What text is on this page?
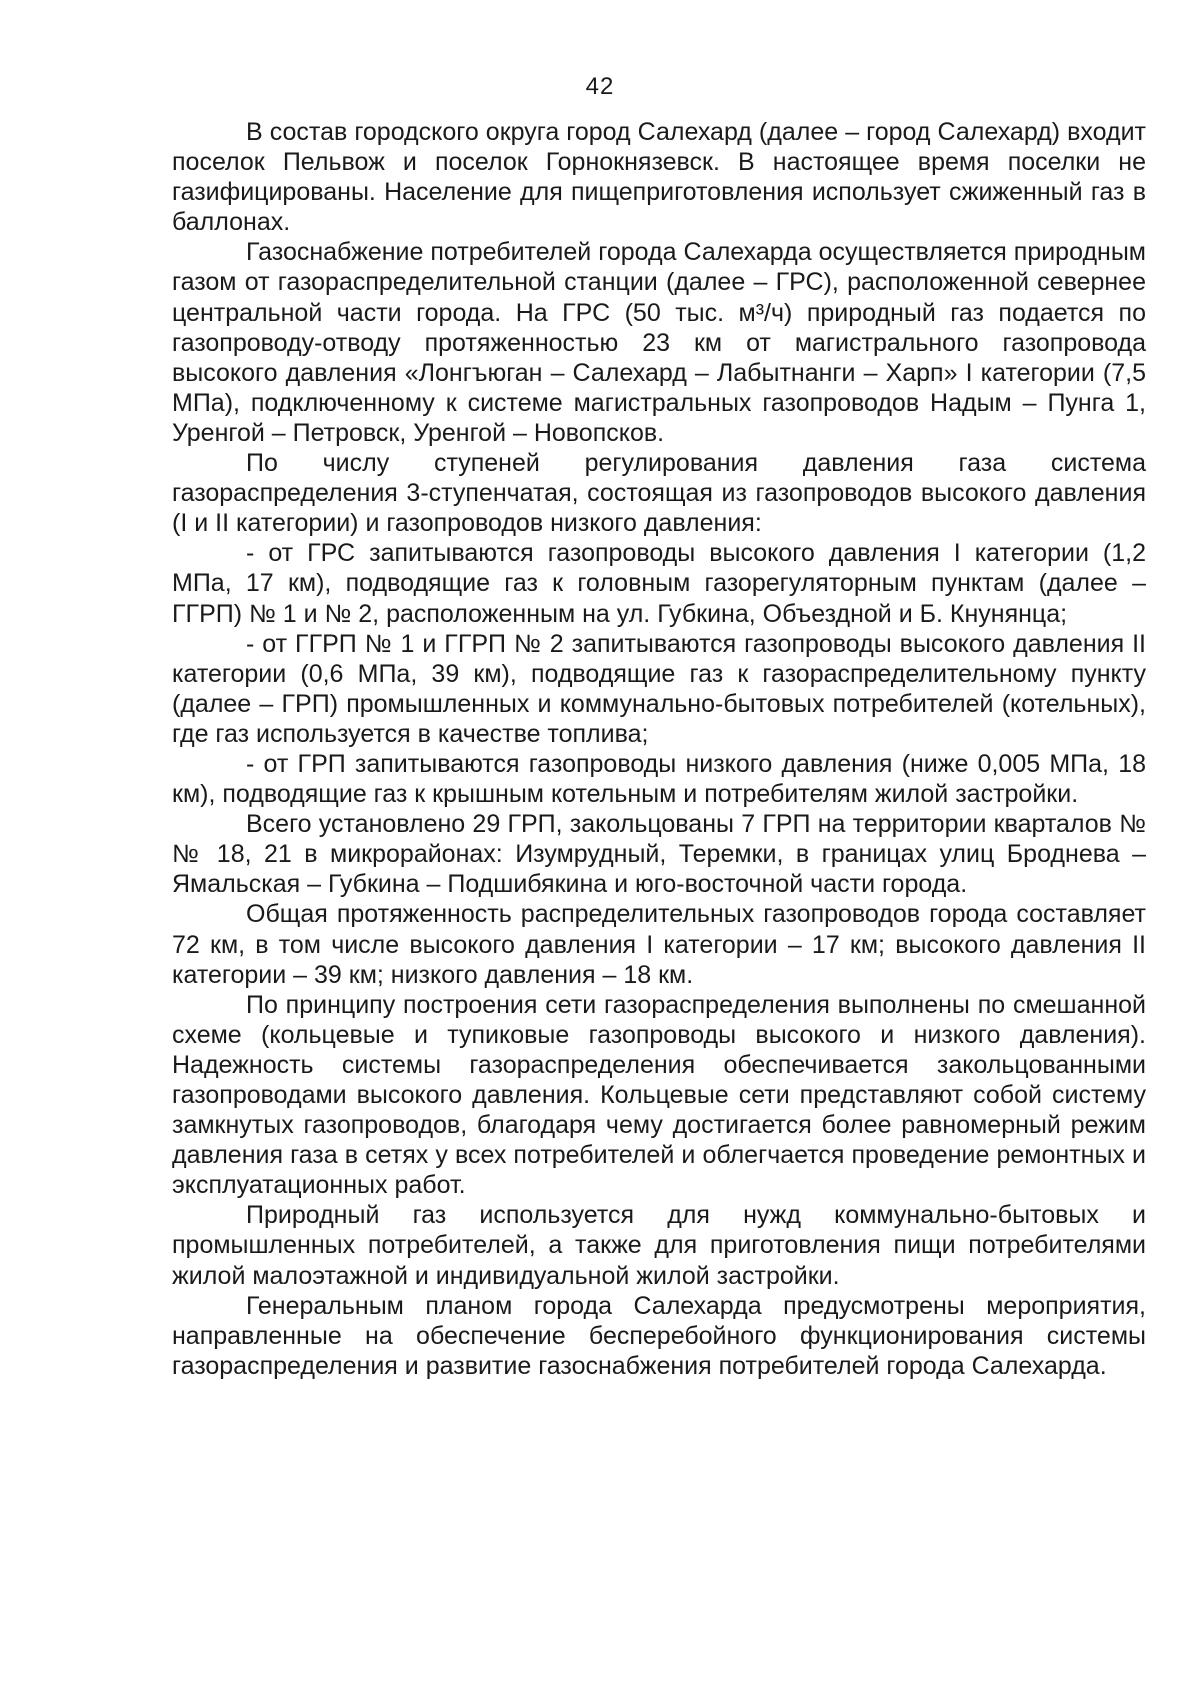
42

В состав городского округа город Салехард (далее – город Салехард) входит поселок Пельвож и поселок Горнокнязевск. В настоящее время поселки не газифицированы. Население для пищеприготовления использует сжиженный газ в баллонах.

Газоснабжение потребителей города Салехарда осуществляется природным газом от газораспределительной станции (далее – ГРС), расположенной севернее центральной части города. На ГРС (50 тыс. м³/ч) природный газ подается по газопроводу-отводу протяженностью 23 км от магистрального газопровода высокого давления «Лонгъюган – Салехард – Лабытнанги – Харп» I категории (7,5 МПа), подключенному к системе магистральных газопроводов Надым – Пунга 1, Уренгой – Петровск, Уренгой – Новопсков.

По числу ступеней регулирования давления газа система газораспределения 3-ступенчатая, состоящая из газопроводов высокого давления (I и II категории) и газопроводов низкого давления:

- от ГРС запитываются газопроводы высокого давления I категории (1,2 МПа, 17 км), подводящие газ к головным газорегуляторным пунктам (далее – ГГРП) № 1 и № 2, расположенным на ул. Губкина, Объездной и Б. Кнунянца;

- от ГГРП № 1 и ГГРП № 2 запитываются газопроводы высокого давления II категории (0,6 МПа, 39 км), подводящие газ к газораспределительному пункту (далее – ГРП) промышленных и коммунально-бытовых потребителей (котельных), где газ используется в качестве топлива;

- от ГРП запитываются газопроводы низкого давления (ниже 0,005 МПа, 18 км), подводящие газ к крышным котельным и потребителям жилой застройки.

Всего установлено 29 ГРП, закольцованы 7 ГРП на территории кварталов №№ 18, 21 в микрорайонах: Изумрудный, Теремки, в границах улиц Броднева – Ямальская – Губкина – Подшибякина и юго-восточной части города.

Общая протяженность распределительных газопроводов города составляет 72 км, в том числе высокого давления I категории – 17 км; высокого давления II категории – 39 км; низкого давления – 18 км.

По принципу построения сети газораспределения выполнены по смешанной схеме (кольцевые и тупиковые газопроводы высокого и низкого давления). Надежность системы газораспределения обеспечивается закольцованными газопроводами высокого давления. Кольцевые сети представляют собой систему замкнутых газопроводов, благодаря чему достигается более равномерный режим давления газа в сетях у всех потребителей и облегчается проведение ремонтных и эксплуатационных работ.

Природный газ используется для нужд коммунально-бытовых и промышленных потребителей, а также для приготовления пищи потребителями жилой малоэтажной и индивидуальной жилой застройки.

Генеральным планом города Салехарда предусмотрены мероприятия, направленные на обеспечение бесперебойного функционирования системы газораспределения и развитие газоснабжения потребителей города Салехарда.
